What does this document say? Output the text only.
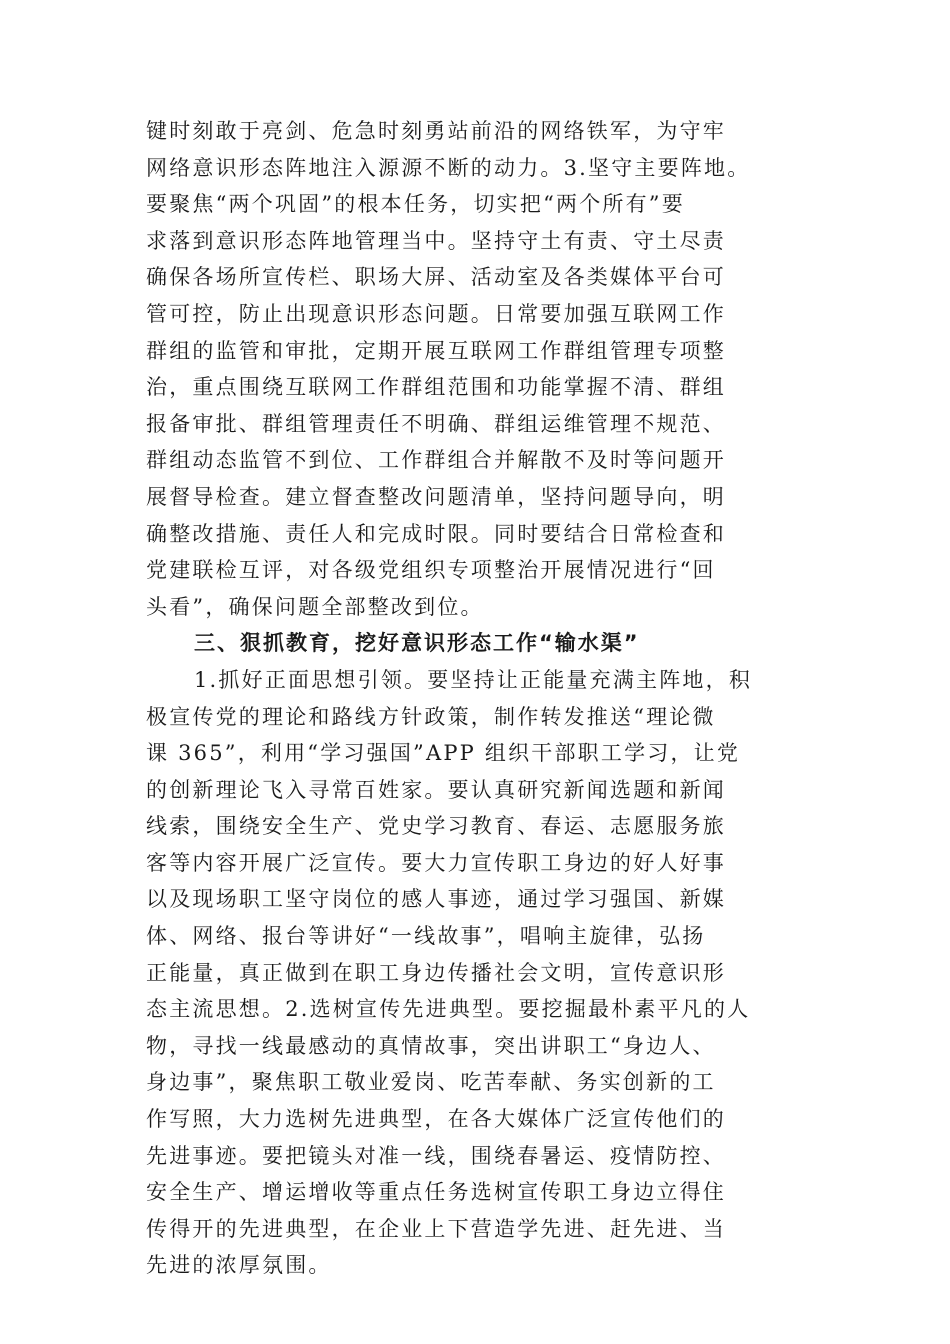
键时刻敢于亮剑、危急时刻勇站前沿的网络铁军，为守牢
网络意识形态阵地注入源源不断的动力。3.坚守主要阵地。
要聚焦“两个巩固”的根本任务，切实把“两个所有”要
求落到意识形态阵地管理当中。坚持守土有责、守土尽责
确保各场所宣传栏、职场大屏、活动室及各类媒体平台可
管可控，防止出现意识形态问题。日常要加强互联网工作
群组的监管和审批，定期开展互联网工作群组管理专项整
治，重点围绕互联网工作群组范围和功能掌握不清、群组
报备审批、群组管理责任不明确、群组运维管理不规范、
群组动态监管不到位、工作群组合并解散不及时等问题开
展督导检查。建立督查整改问题清单，坚持问题导向，明
确整改措施、责任人和完成时限。同时要结合日常检查和
党建联检互评，对各级党组织专项整治开展情况进行“回
头看”，确保问题全部整改到位。
三、狠抓教育，挖好意识形态工作“输水渠”
1.抓好正面思想引领。要坚持让正能量充满主阵地，积
极宣传党的理论和路线方针政策，制作转发推送“理论微
课 365”，利用“学习强国”APP 组织干部职工学习，让党
的创新理论飞入寻常百姓家。要认真研究新闻选题和新闻
线索，围绕安全生产、党史学习教育、春运、志愿服务旅
客等内容开展广泛宣传。要大力宣传职工身边的好人好事
以及现场职工坚守岗位的感人事迹，通过学习强国、新媒
体、网络、报台等讲好“一线故事”，唱响主旋律，弘扬
正能量，真正做到在职工身边传播社会文明，宣传意识形
态主流思想。2.选树宣传先进典型。要挖掘最朴素平凡的人
物，寻找一线最感动的真情故事，突出讲职工“身边人、
身边事”，聚焦职工敬业爱岗、吃苦奉献、务实创新的工
作写照，大力选树先进典型，在各大媒体广泛宣传他们的
先进事迹。要把镜头对准一线，围绕春暑运、疫情防控、
安全生产、增运增收等重点任务选树宣传职工身边立得住
传得开的先进典型，在企业上下营造学先进、赶先进、当
先进的浓厚氛围。
